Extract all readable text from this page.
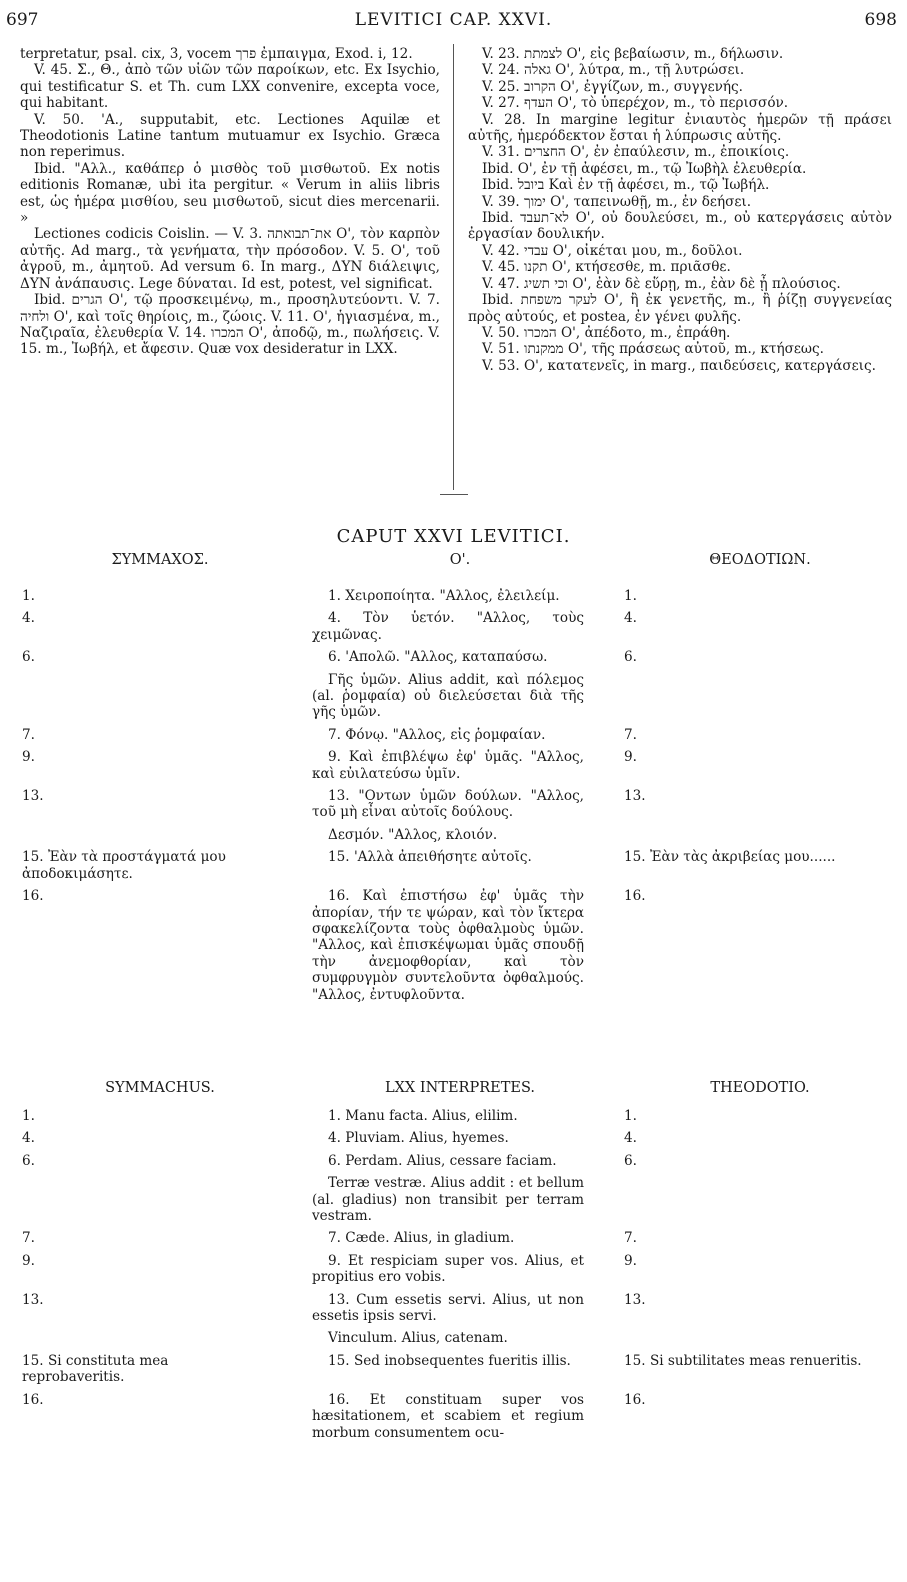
697	LEVITICI CAP. XXVI.	698

terpretatur, psal. cix, 3, vocem פרך ἐμπαιγμα, Exod. i, 12.

V. 45. Σ., Θ., ἀπὸ τῶν υἱῶν τῶν παροίκων, etc. Ex Isychio, qui testificatur S. et Th. cum LXX convenire, excepta voce, qui habitant.

V. 50. 'A., supputabit, etc. Lectiones Aquilæ et Theodotionis Latine tantum mutuamur ex Isychio. Græca non reperimus.

Ibid. "Αλλ., καθάπερ ὁ μισθὸς τοῦ μισθωτοῦ. Ex notis editionis Romanæ, ubi ita pergitur. « Verum in aliis libris est, ὡς ἡμέρα μισθίου, seu μισθωτοῦ, sicut dies mercenarii. »

Lectiones codicis Coislin. — V. 3. את־תבואתה O', τὸν καρπὸν αὐτῆς. Ad marg., τὰ γενήματα, τὴν πρόσοδον. V. 5. O', τοῦ ἀγροῦ, m., ἀμητοῦ. Ad versum 6. In marg., ΔΥΝ διάλειψις, ΔΥΝ ἀνάπαυσις. Lege δύναται. Id est, potest, vel significat.

Ibid. הגרים O', τῷ προσκειμένῳ, m., προσηλυτεύοντι. V. 7. ולחיה O', καὶ τοῖς θηρίοις, m., ζώοις. V. 11. O', ἡγιασμένα, m., Ναζιραῖα, ἐλευθερία V. 14. המכרו O', ἀποδῷ, m., πωλήσεις. V. 15. m., Ἰωβήλ, et ἄφεσιν. Quæ vox desideratur in LXX.

V. 23. לצמתת O', εἰς βεβαίωσιν, m., δήλωσιν.

V. 24. גאלה O', λύτρα, m., τῇ λυτρώσει.

V. 25. הקרוב O', ἐγγίζων, m., συγγενής.

V. 27. העדף O', τὸ ὑπερέχον, m., τὸ περισσόν.

V. 28. In margine legitur ἐνιαυτὸς ἡμερῶν τῇ πράσει αὐτῆς, ἡμερόδεκτον ἔσται ἡ λύπρωσις αὐτῆς.

V. 31. החצרים O', ἐν ἐπαύλεσιν, m., ἐποικίοις.

Ibid. O', ἐν τῇ ἀφέσει, m., τῷ Ἰωβὴλ ἐλευθερία.

Ibid. ביובל Καὶ ἐν τῇ ἀφέσει, m., τῷ Ἰωβήλ.

V. 39. ימוך O', ταπεινωθῇ, m., ἐν δεήσει.

Ibid. לא־תעבד O', οὐ δουλεύσει, m., οὐ κατεργάσεις αὐτὸν ἐργασίαν δουλικήν.

V. 42. עבדי O', οἰκέται μου, m., δοῦλοι.

V. 45. תקנו O', κτήσεσθε, m. πριᾶσθε.

V. 47. וכי תשיג O', ἐὰν δὲ εὕρῃ, m., ἐὰν δὲ ᾖ πλούσιος.

Ibid. לעקר משפחת O', ἢ ἐκ γενετῆς, m., ἢ ῥίζῃ συγγενείας πρὸς αὐτούς, et postea, ἐν γένει φυλῆς.

V. 50. המכרו O', ἀπέδοτο, m., ἐπράθη.

V. 51. ממקנתו O', τῆς πράσεως αὐτοῦ, m., κτήσεως.

V. 53. O', κατατενεῖς, in marg., παιδεύσεις, κατεργάσεις.

CAPUT XXVI LEVITICI.
ΣΥΜΜΑΧΟΣ.	O'.	ΘΕΟΔΟΤΙΩΝ.
1.	1. Χειροποίητα. "Αλλος, ἐλειλείμ.	1.
4.	4. Τὸν ὑετόν. "Αλλος, τοὺς χειμῶνας.
4.
6.	6. 'Απολῶ. "Αλλος, καταπαύσω.	6.
Γῆς ὑμῶν. Alius addit, καὶ πόλεμος (al. ῥομφαία) οὐ διελεύσεται διὰ τῆς γῆς ὑμῶν.
7.	7. Φόνῳ. "Αλλος, εἰς ῥομφαίαν.	7.
9.	9. Καὶ ἐπιβλέψω ἐφ' ὑμᾶς. "Αλλος, καὶ εὐιλατεύσω ὑμῖν.
9.
13.	13. "Οντων ὑμῶν δούλων. "Αλλος, τοῦ μὴ εἶναι αὐτοῖς δούλους.
13.
Δεσμόν. "Αλλος, κλοιόν.
15. Ἐὰν τὰ προστάγματά μου ἀποδοκιμάσητε.
15. 'Αλλὰ ἀπειθήσητε αὐτοῖς.	15. Ἐὰν τὰς ἀκριβείας μου......
16.	16. Καὶ ἐπιστήσω ἐφ' ὑμᾶς τὴν ἀπορίαν, τήν τε ψώραν, καὶ τὸν ἴκτερα σφακελίζοντα τοὺς ὀφθαλμοὺς ὑμῶν. "Αλλος, καὶ ἐπισκέψωμαι ὑμᾶς σπουδῇ τὴν ἀνεμοφθορίαν, καὶ τὸν συμφρυγμὸν συντελοῦντα ὀφθαλμούς. "Αλλος, ἐντυφλοῦντα.
16.
SYMMACHUS.	LXX INTERPRETES.	THEODOTIO.
1.	1. Manu facta. Alius, elilim.	1.
4.	4. Pluviam. Alius, hyemes.	4.
6.	6. Perdam. Alius, cessare faciam.	6.
Terræ vestræ. Alius addit : et bellum (al. gladius) non transibit per terram vestram.
7.	7. Cæde. Alius, in gladium.	7.
9.	9. Et respiciam super vos. Alius, et propitius ero vobis.
9.
13.	13. Cum essetis servi. Alius, ut non essetis ipsis servi.
13.
Vinculum. Alius, catenam.
15. Si constituta mea reprobaveritis.
15. Sed inobsequentes fueritis illis.	15. Si subtilitates meas renueritis.
16.	16. Et constituam super vos hæsitationem, et scabiem et regium morbum consumentem ocu-
16.
